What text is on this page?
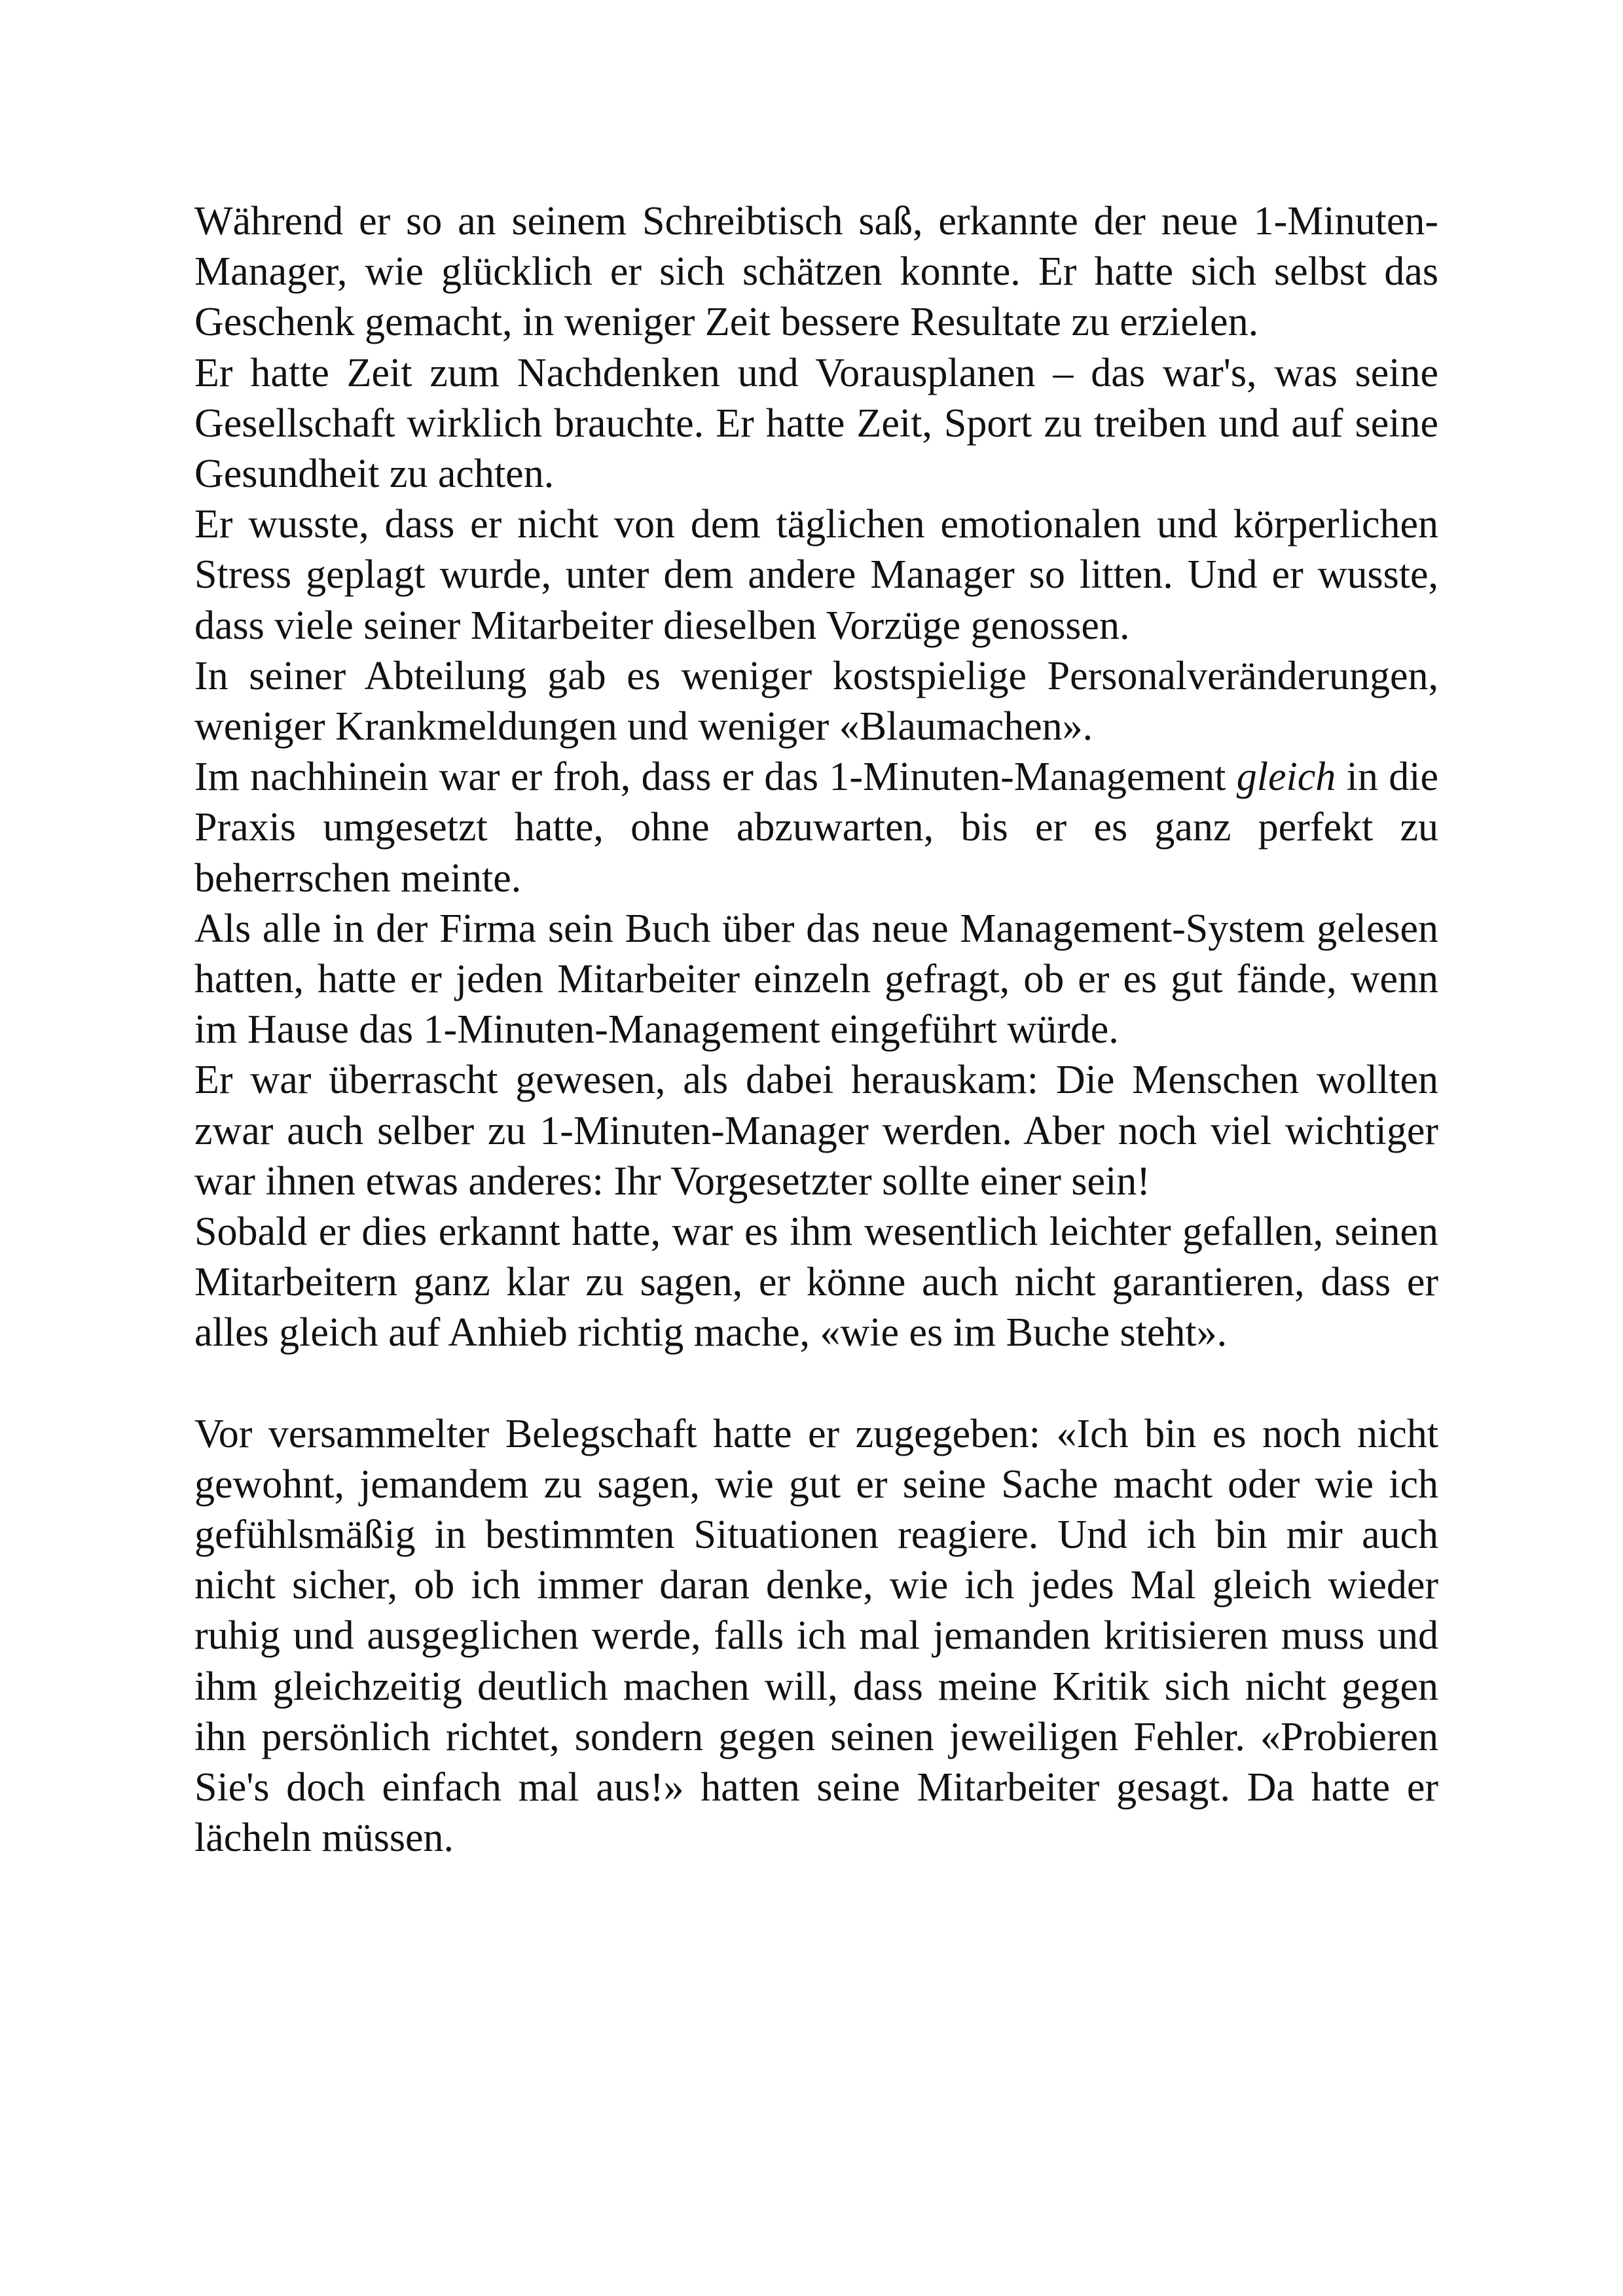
Während er so an seinem Schreibtisch saß, erkannte der neue 1-Minuten-Manager, wie glücklich er sich schätzen konnte. Er hatte sich selbst das Geschenk gemacht, in weniger Zeit bessere Resultate zu erzielen.

Er hatte Zeit zum Nachdenken und Vorausplanen – das war's, was seine Gesellschaft wirklich brauchte. Er hatte Zeit, Sport zu treiben und auf seine Gesundheit zu achten.

Er wusste, dass er nicht von dem täglichen emotionalen und körperlichen Stress geplagt wurde, unter dem andere Manager so litten. Und er wusste, dass viele seiner Mitarbeiter dieselben Vorzüge genossen.

In seiner Abteilung gab es weniger kostspielige Personalveränderungen, weniger Krankmeldungen und weniger «Blaumachen».

Im nachhinein war er froh, dass er das 1-Minuten-Management gleich in die Praxis umgesetzt hatte, ohne abzuwarten, bis er es ganz perfekt zu beherrschen meinte.

Als alle in der Firma sein Buch über das neue Management-System gelesen hatten, hatte er jeden Mitarbeiter einzeln gefragt, ob er es gut fände, wenn im Hause das 1-Minuten-Management eingeführt würde.

Er war überrascht gewesen, als dabei herauskam: Die Menschen wollten zwar auch selber zu 1-Minuten-Manager werden. Aber noch viel wichtiger war ihnen etwas anderes: Ihr Vorgesetzter sollte einer sein!

Sobald er dies erkannt hatte, war es ihm wesentlich leichter gefallen, seinen Mitarbeitern ganz klar zu sagen, er könne auch nicht garantieren, dass er alles gleich auf Anhieb richtig mache, «wie es im Buche steht».

Vor versammelter Belegschaft hatte er zugegeben: «Ich bin es noch nicht gewohnt, jemandem zu sagen, wie gut er seine Sache macht oder wie ich gefühlsmäßig in bestimmten Situationen reagiere. Und ich bin mir auch nicht sicher, ob ich immer daran denke, wie ich jedes Mal gleich wieder ruhig und ausgeglichen werde, falls ich mal jemanden kritisieren muss und ihm gleichzeitig deutlich machen will, dass meine Kritik sich nicht gegen ihn persönlich richtet, sondern gegen seinen jeweiligen Fehler. «Probieren Sie's doch einfach mal aus!» hatten seine Mitarbeiter gesagt. Da hatte er lächeln müssen.
